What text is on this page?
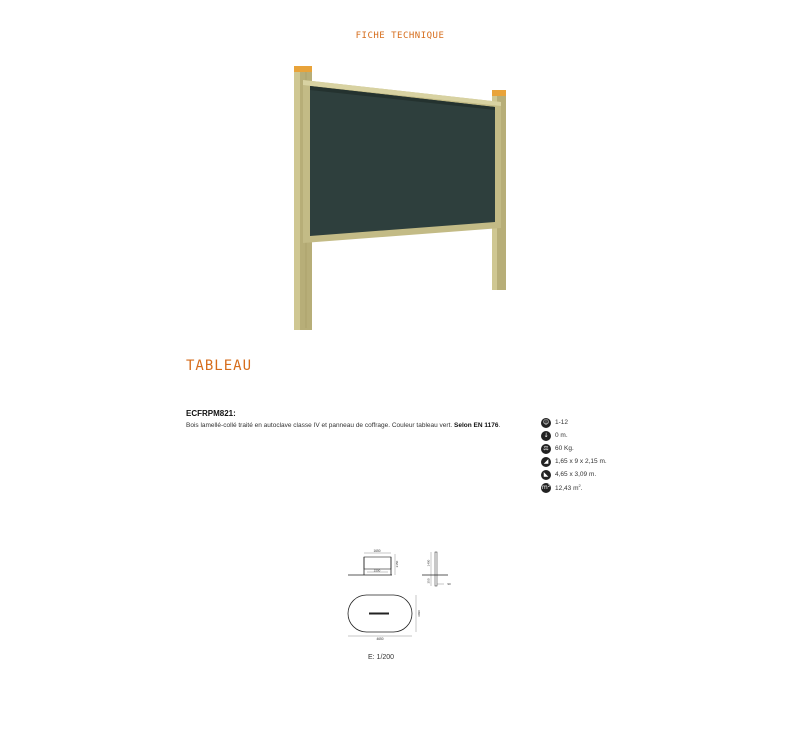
FICHE TECHNIQUE
TABLEAU
ECFRPM821:
Bois lamellé-collé traité en autoclave classe IV et panneau de coffrage. Couleur tableau vert. Selon EN 1176.	☺ 1-12
↓ 0 m.
⚖ 60 Kg.
◢	1,65 x 9 x 2,15 m.
◣	4,65 x 3,09 m.
m² 12,43 $m^2$.
1650
1500
2150	1400
350
90
3090
4650
E: 1/200
